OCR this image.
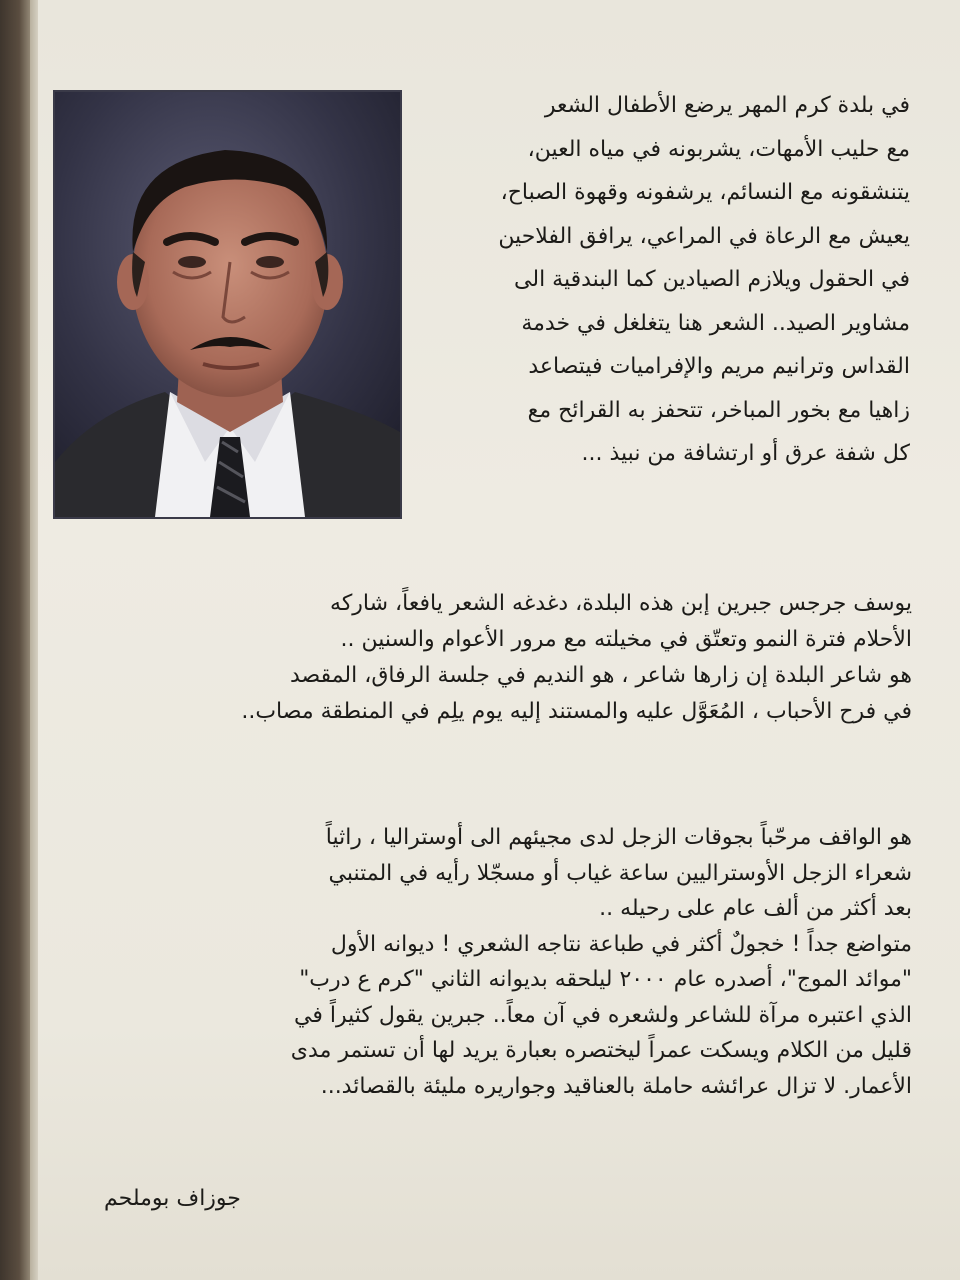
في بلدة كرم المهر يرضع الأطفال الشعر
مع حليب الأمهات، يشربونه في مياه العين،
يتنشقونه مع النسائم، يرشفونه وقهوة الصباح،
يعيش مع الرعاة في المراعي، يرافق الفلاحين
في الحقول ويلازم الصيادين كما البندقية الى
مشاوير الصيد.. الشعر هنا يتغلغل في خدمة
القداس وترانيم مريم والإفراميات فيتصاعد
زاهيا مع بخور المباخر، تتحفز به القرائح مع
كل شفة عرق أو ارتشافة من نبيذ ...
يوسف جرجس جبرين إبن هذه البلدة، دغدغه الشعر يافعاً، شاركه
الأحلام فترة النمو وتعتّق في مخيلته مع مرور الأعوام والسنين ..
هو شاعر البلدة إن زارها شاعر ، هو النديم في جلسة الرفاق، المقصد
في فرح الأحباب ، المُعَوَّل عليه والمستند إليه يوم يلِم في المنطقة مصاب..
هو الواقف مرحّباً بجوقات الزجل لدى مجيئهم الى أوستراليا ، راثياً
شعراء الزجل الأوستراليين ساعة غياب أو مسجّلا رأيه في المتنبي
بعد أكثر من ألف عام على رحيله ..
متواضع جداً ! خجولٌ أكثر في طباعة نتاجه الشعري ! ديوانه الأول
"موائد الموج"، أصدره عام ٢٠٠٠ ليلحقه بديوانه الثاني "كرم ع درب"
الذي اعتبره مرآة للشاعر ولشعره في آن معاً.. جبرين يقول كثيراً في
قليل من الكلام ويسكت عمراً ليختصره بعبارة يريد لها أن تستمر مدى
الأعمار. لا تزال عرائشه حاملة بالعناقيد وجواريره مليئة بالقصائد...
جوزاف بوملحم
